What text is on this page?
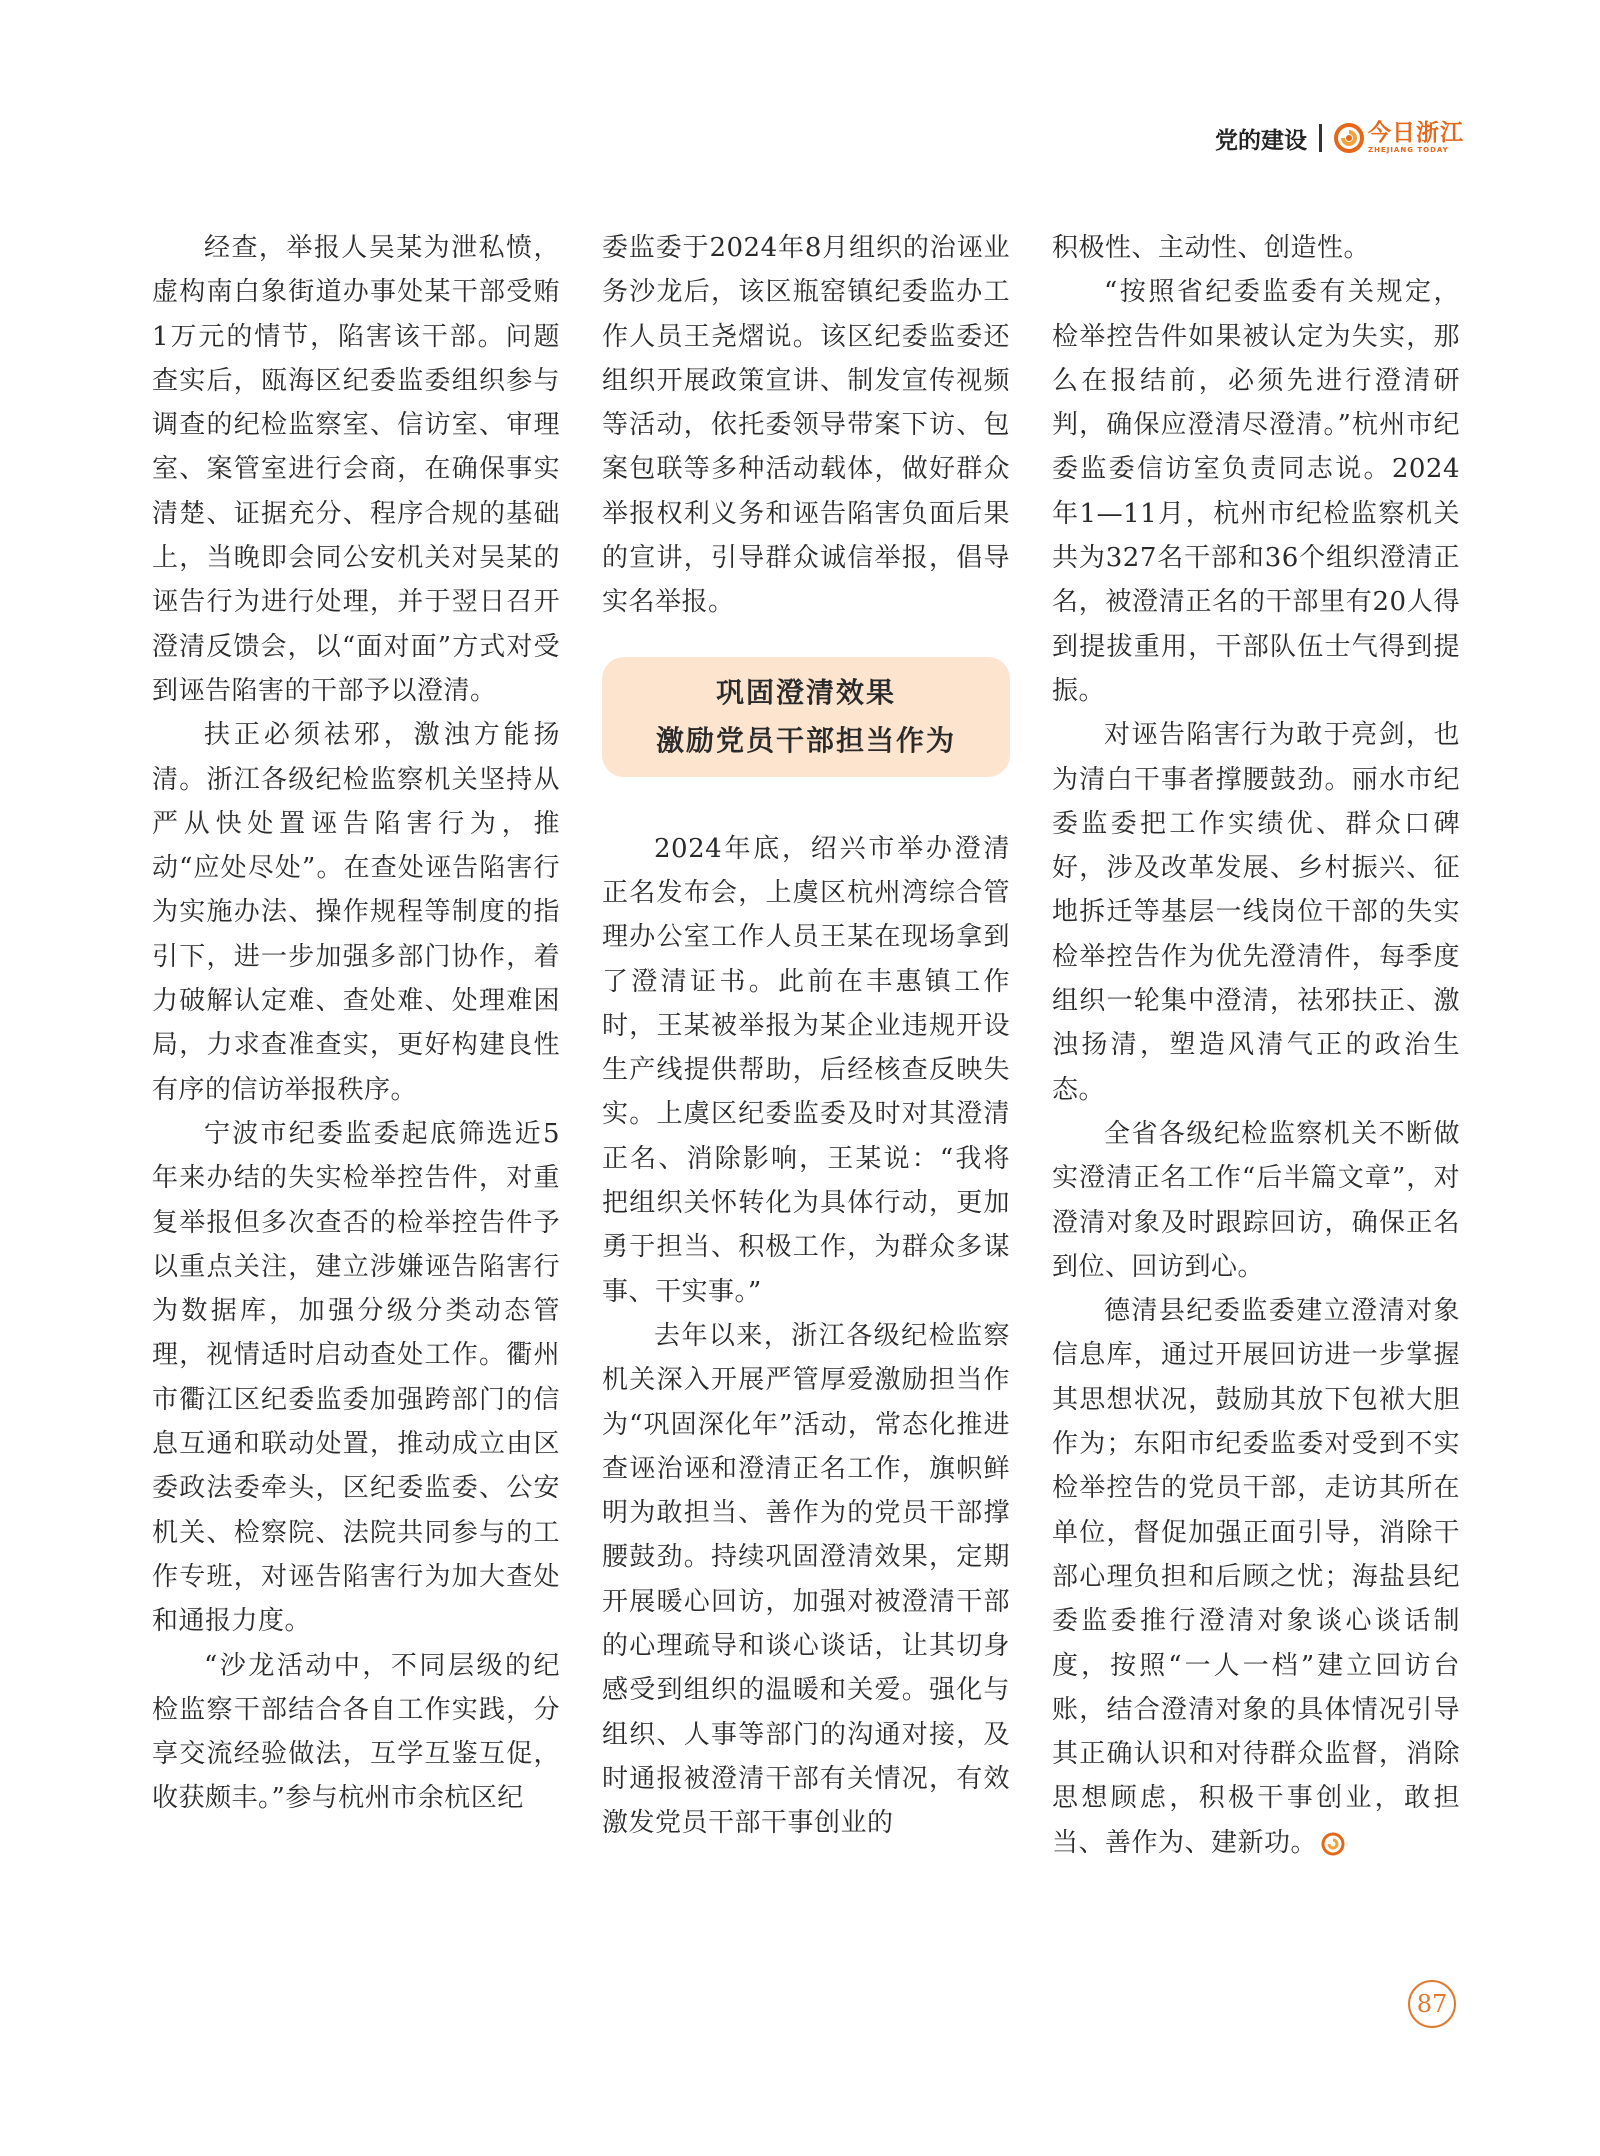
党的建设	今日浙江
ZHEJIANG TODAY

经查，举报人吴某为泄私愤，虚构南白象街道办事处某干部受贿1万元的情节，陷害该干部。问题查实后，瓯海区纪委监委组织参与调查的纪检监察室、信访室、审理室、案管室进行会商，在确保事实清楚、证据充分、程序合规的基础上，当晚即会同公安机关对吴某的诬告行为进行处理，并于翌日召开澄清反馈会，以“面对面”方式对受到诬告陷害的干部予以澄清。

扶正必须祛邪，激浊方能扬清。浙江各级纪检监察机关坚持从严从快处置诬告陷害行为，推动“应处尽处”。在查处诬告陷害行为实施办法、操作规程等制度的指引下，进一步加强多部门协作，着力破解认定难、查处难、处理难困局，力求查准查实，更好构建良性有序的信访举报秩序。

宁波市纪委监委起底筛选近5年来办结的失实检举控告件，对重复举报但多次查否的检举控告件予以重点关注，建立涉嫌诬告陷害行为数据库，加强分级分类动态管理，视情适时启动查处工作。衢州市衢江区纪委监委加强跨部门的信息互通和联动处置，推动成立由区委政法委牵头，区纪委监委、公安机关、检察院、法院共同参与的工作专班，对诬告陷害行为加大查处和通报力度。

“沙龙活动中，不同层级的纪检监察干部结合各自工作实践，分享交流经验做法，互学互鉴互促，收获颇丰。”参与杭州市余杭区纪

委监委于2024年8月组织的治诬业务沙龙后，该区瓶窑镇纪委监办工作人员王尧熠说。该区纪委监委还组织开展政策宣讲、制发宣传视频等活动，依托委领导带案下访、包案包联等多种活动载体，做好群众举报权利义务和诬告陷害负面后果的宣讲，引导群众诚信举报，倡导实名举报。

巩固澄清效果
激励党员干部担当作为

2024年底，绍兴市举办澄清正名发布会，上虞区杭州湾综合管理办公室工作人员王某在现场拿到了澄清证书。此前在丰惠镇工作时，王某被举报为某企业违规开设生产线提供帮助，后经核查反映失实。上虞区纪委监委及时对其澄清正名、消除影响，王某说：“我将把组织关怀转化为具体行动，更加勇于担当、积极工作，为群众多谋事、干实事。”

去年以来，浙江各级纪检监察机关深入开展严管厚爱激励担当作为“巩固深化年”活动，常态化推进查诬治诬和澄清正名工作，旗帜鲜明为敢担当、善作为的党员干部撑腰鼓劲。持续巩固澄清效果，定期开展暖心回访，加强对被澄清干部的心理疏导和谈心谈话，让其切身感受到组织的温暖和关爱。强化与组织、人事等部门的沟通对接，及时通报被澄清干部有关情况，有效激发党员干部干事创业的

积极性、主动性、创造性。

“按照省纪委监委有关规定，检举控告件如果被认定为失实，那么在报结前，必须先进行澄清研判，确保应澄清尽澄清。”杭州市纪委监委信访室负责同志说。2024年1—11月，杭州市纪检监察机关共为327名干部和36个组织澄清正名，被澄清正名的干部里有20人得到提拔重用，干部队伍士气得到提振。

对诬告陷害行为敢于亮剑，也为清白干事者撑腰鼓劲。丽水市纪委监委把工作实绩优、群众口碑好，涉及改革发展、乡村振兴、征地拆迁等基层一线岗位干部的失实检举控告作为优先澄清件，每季度组织一轮集中澄清，祛邪扶正、激浊扬清，塑造风清气正的政治生态。

全省各级纪检监察机关不断做实澄清正名工作“后半篇文章”，对澄清对象及时跟踪回访，确保正名到位、回访到心。

德清县纪委监委建立澄清对象信息库，通过开展回访进一步掌握其思想状况，鼓励其放下包袱大胆作为；东阳市纪委监委对受到不实检举控告的党员干部，走访其所在单位，督促加强正面引导，消除干部心理负担和后顾之忧；海盐县纪委监委推行澄清对象谈心谈话制度，按照“一人一档”建立回访台账，结合澄清对象的具体情况引导其正确认识和对待群众监督，消除思想顾虑，积极干事创业，敢担当、善作为、建新功。

87
